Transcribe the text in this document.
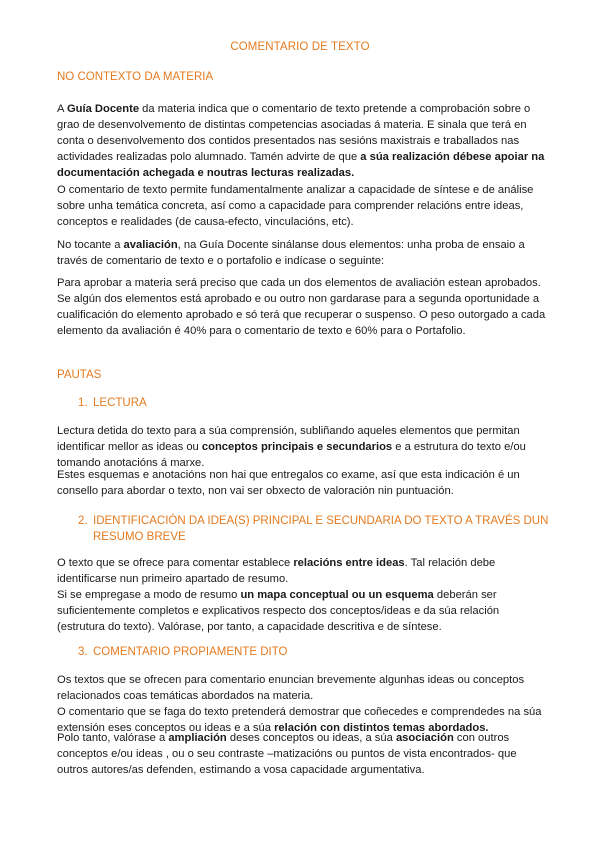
COMENTARIO DE TEXTO
NO CONTEXTO DA MATERIA
A Guía Docente da materia indica que o comentario de texto pretende a comprobación sobre o grao de desenvolvemento de distintas competencias asociadas á materia. E sinala que terá en conta o desenvolvemento dos contidos presentados nas sesións maxistrais e traballados nas actividades realizadas polo alumnado. Tamén advirte de que a súa realización débese apoiar na documentación achegada e noutras lecturas realizadas.
O comentario de texto permite fundamentalmente analizar a capacidade de síntese e de análise sobre unha temática concreta, así como a capacidade para comprender relacións entre ideas, conceptos e realidades (de causa-efecto, vinculacións, etc).
No tocante a avaliación, na Guía Docente sinálanse dous elementos: unha proba de ensaio a través de comentario de texto e o portafolio e indícase o seguinte:
Para aprobar a materia será preciso que cada un dos elementos de avaliación estean aprobados. Se algún dos elementos está aprobado e ou outro non gardarase para a segunda oportunidade a cualificación do elemento aprobado e só terá que recuperar o suspenso. O peso outorgado a cada elemento da avaliación é 40% para o comentario de texto e 60% para o Portafolio.
PAUTAS
1. LECTURA
Lectura detida do texto para a súa comprensión, subliñando aqueles elementos que permitan identificar mellor as ideas ou conceptos principais e secundarios e a estrutura do texto e/ou tomando anotacións á marxe.
Estes esquemas e anotacións non hai que entregalos co exame, así que esta indicación é un consello para abordar o texto, non vai ser obxecto de valoración nin puntuación.
2. IDENTIFICACIÓN DA IDEA(S) PRINCIPAL E SECUNDARIA DO TEXTO A TRAVÉS DUN RESUMO BREVE
O texto que se ofrece para comentar establece relacións entre ideas. Tal relación debe identificarse nun primeiro apartado de resumo.
Si se empregase a modo de resumo un mapa conceptual ou un esquema deberán ser suficientemente completos e explicativos respecto dos conceptos/ideas e da súa relación (estrutura do texto). Valórase, por tanto, a capacidade descritiva e de síntese.
3. COMENTARIO PROPIAMENTE DITO
Os textos que se ofrecen para comentario enuncian brevemente algunhas ideas ou conceptos relacionados coas temáticas abordados na materia.
O comentario que se faga do texto pretenderá demostrar que coñecedes e comprendedes na súa extensión eses conceptos ou ideas e a súa relación con distintos temas abordados.
Polo tanto, valórase a ampliación deses conceptos ou ideas, a súa asociación con outros conceptos e/ou ideas , ou o seu contraste –matizacións ou puntos de vista encontrados- que outros autores/as defenden, estimando a vosa capacidade argumentativa.
